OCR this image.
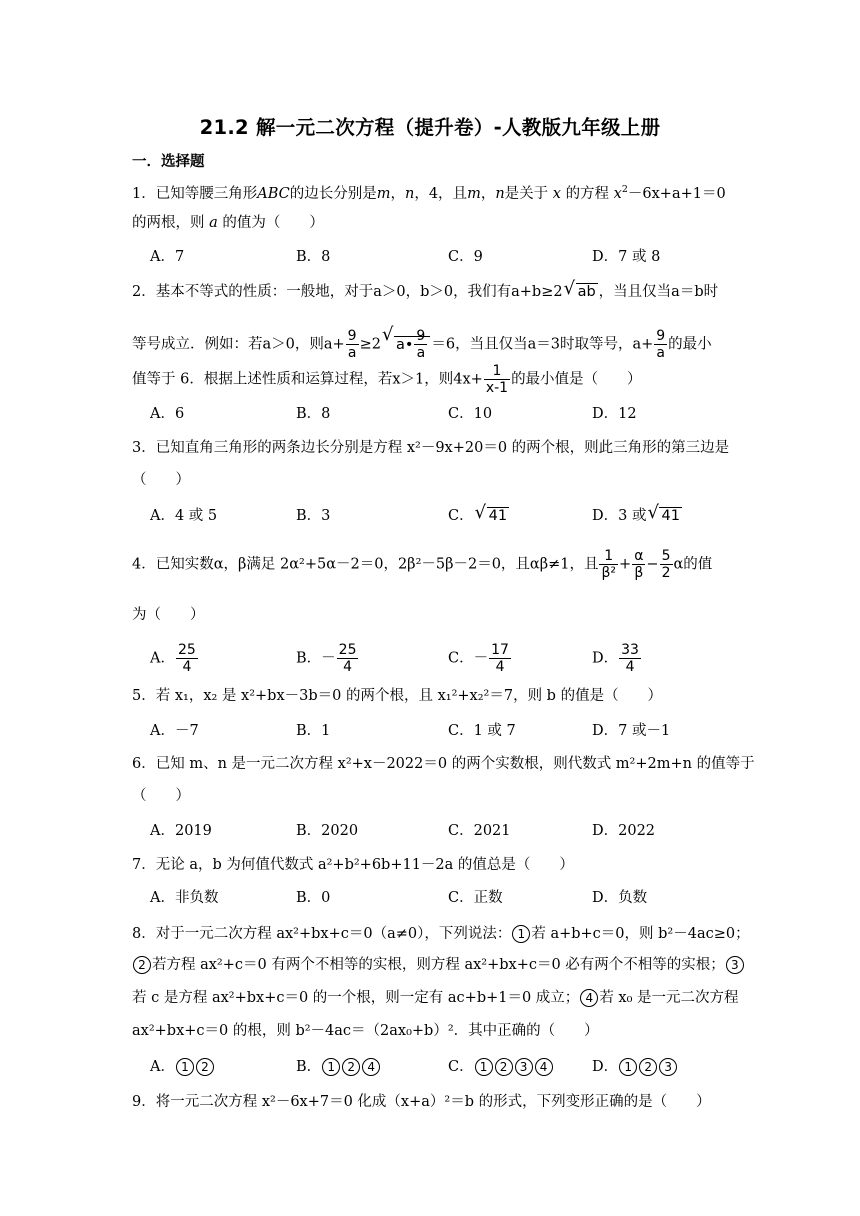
21.2 解一元二次方程（提升卷）-人教版九年级上册
一．选择题
1．已知等腰三角形ABC的边长分别是m，n，4，且m，n是关于 x 的方程 $x^2-6x+a+1=0$
的两根，则 a 的值为（　　）
A．7	B．8	C．9	D．7 或 8
2．基本不等式的性质：一般地，对于a＞0，b＞0，我们有a+b≥2√ ab ，当且仅当a＝b时
等号成立．例如：若a＞0，则$a+ \frac{9}{a} \ge 2√$ a• $\frac{9}{a} =6$，当且仅当a＝3时取等号，$a+ \frac{9}{a}$ 的最小
值等于 6．根据上述性质和运算过程，若x＞1，则$4x+ \frac{1}{x-1}$ 的最小值是（　　）
A．6	B．8	C．10	D．12
3．已知直角三角形的两条边长分别是方程 x²－9x+20＝0 的两个根，则此三角形的第三边是
（　　）
A．4 或 5	B．3	C．√ 41	D．3 或√ 41
4．已知实数α，β满足 2α²+5α－2＝0，2β²－5β－2＝0，且αβ≠1，且 $\frac{1}{\text{β²}} + \frac{\alpha}{\beta} - \frac{5}{2}$ α的值
为（　　）
A． $\frac{25}{4}$	B．－ $\frac{25}{4}$	C．－ $\frac{17}{4}$	D． $\frac{33}{4}$
5．若 x₁，x₂ 是 x²+bx－3b＝0 的两个根，且 x₁²+x₂²＝7，则 b 的值是（　　）
A．－7	B．1	C．1 或 7	D．7 或－1
6．已知 m、n 是一元二次方程 x²+x－2022＝0 的两个实数根，则代数式 m²+2m+n 的值等于
（　　）
A．2019	B．2020	C．2021	D．2022
7．无论 a，b 为何值代数式 a²+b²+6b+11－2a 的值总是（　　）
A．非负数	B．0	C．正数	D．负数
8．对于一元二次方程 ax²+bx+c＝0（a≠0），下列说法： 1 若 a+b+c＝0，则 b²－4ac≥0；
2 若方程 ax²+c＝0 有两个不相等的实根，则方程 ax²+bx+c＝0 必有两个不相等的实根； 3
若 c 是方程 ax²+bx+c＝0 的一个根，则一定有 ac+b+1＝0 成立； 4 若 x₀ 是一元二次方程
ax²+bx+c＝0 的根，则 b²－4ac＝（2ax₀+b）²．其中正确的（　　）
A． 1 2	B． 1 2 4	C． 1 2 3 4	D． 1 2 3
9．将一元二次方程 x²－6x+7＝0 化成（x+a）²＝b 的形式，下列变形正确的是（　　）
